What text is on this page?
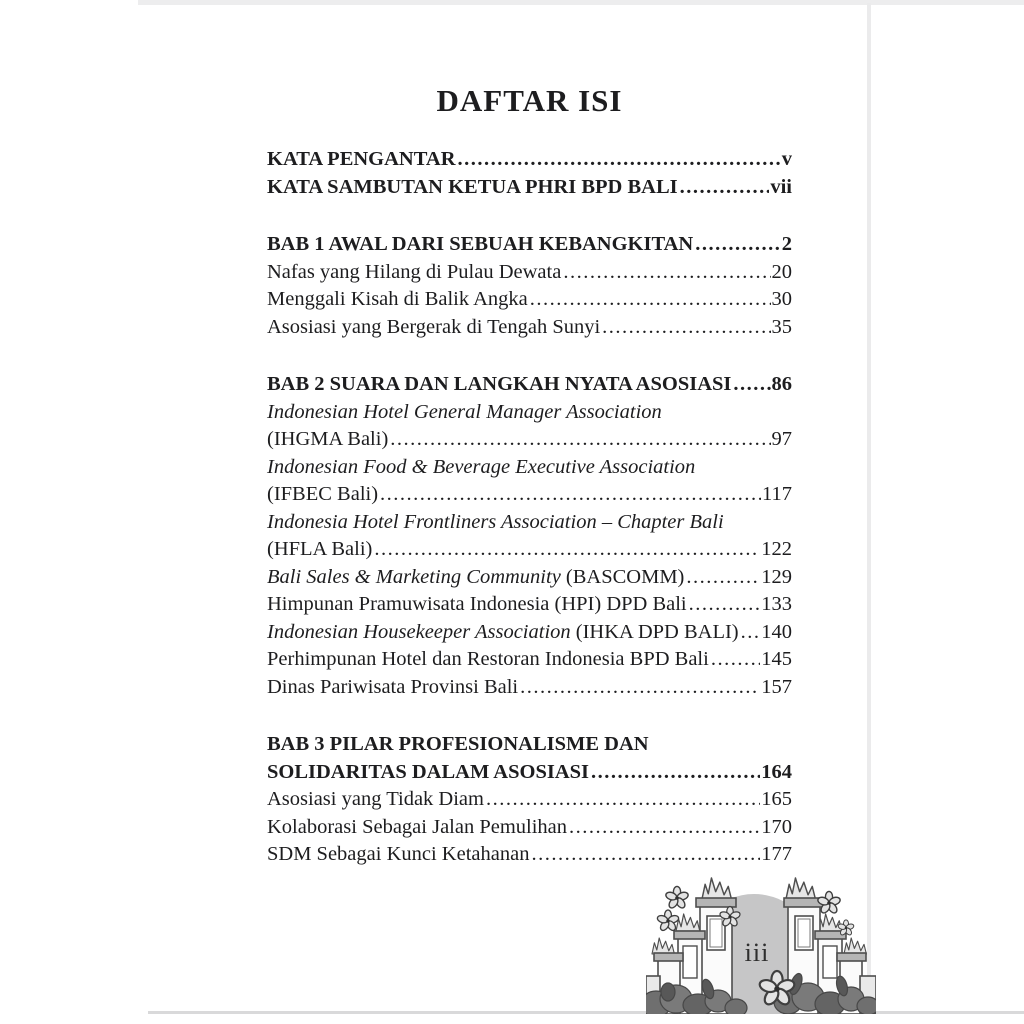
DAFTAR ISI
KATA PENGANTAR .....	v
KATA SAMBUTAN KETUA PHRI BPD BALI .....	vii
BAB 1 AWAL DARI SEBUAH KEBANGKITAN .....	2
Nafas yang Hilang di Pulau Dewata .....	20
Menggali Kisah di Balik Angka .....	30
Asosiasi yang Bergerak di Tengah Sunyi .....	35
BAB 2 SUARA DAN LANGKAH NYATA ASOSIASI ..... 86
Indonesian Hotel General Manager Association
(IHGMA Bali) .....	97
Indonesian Food & Beverage Executive Association
(IFBEC Bali) .....	117
Indonesia Hotel Frontliners Association – Chapter Bali
(HFLA Bali) .....	122
Bali Sales & Marketing Community (BASCOMM) .....	129
Himpunan Pramuwisata Indonesia (HPI) DPD Bali .....	133
Indonesian Housekeeper Association (IHKA DPD BALI) ..... 140
Perhimpunan Hotel dan Restoran Indonesia BPD Bali .....	145
Dinas Pariwisata Provinsi Bali .....	157
BAB 3 PILAR PROFESIONALISME DAN
SOLIDARITAS DALAM ASOSIASI .....	164
Asosiasi yang Tidak Diam .....	165
Kolaborasi Sebagai Jalan Pemulihan .....	170
SDM Sebagai Kunci Ketahanan .....	177
iii
